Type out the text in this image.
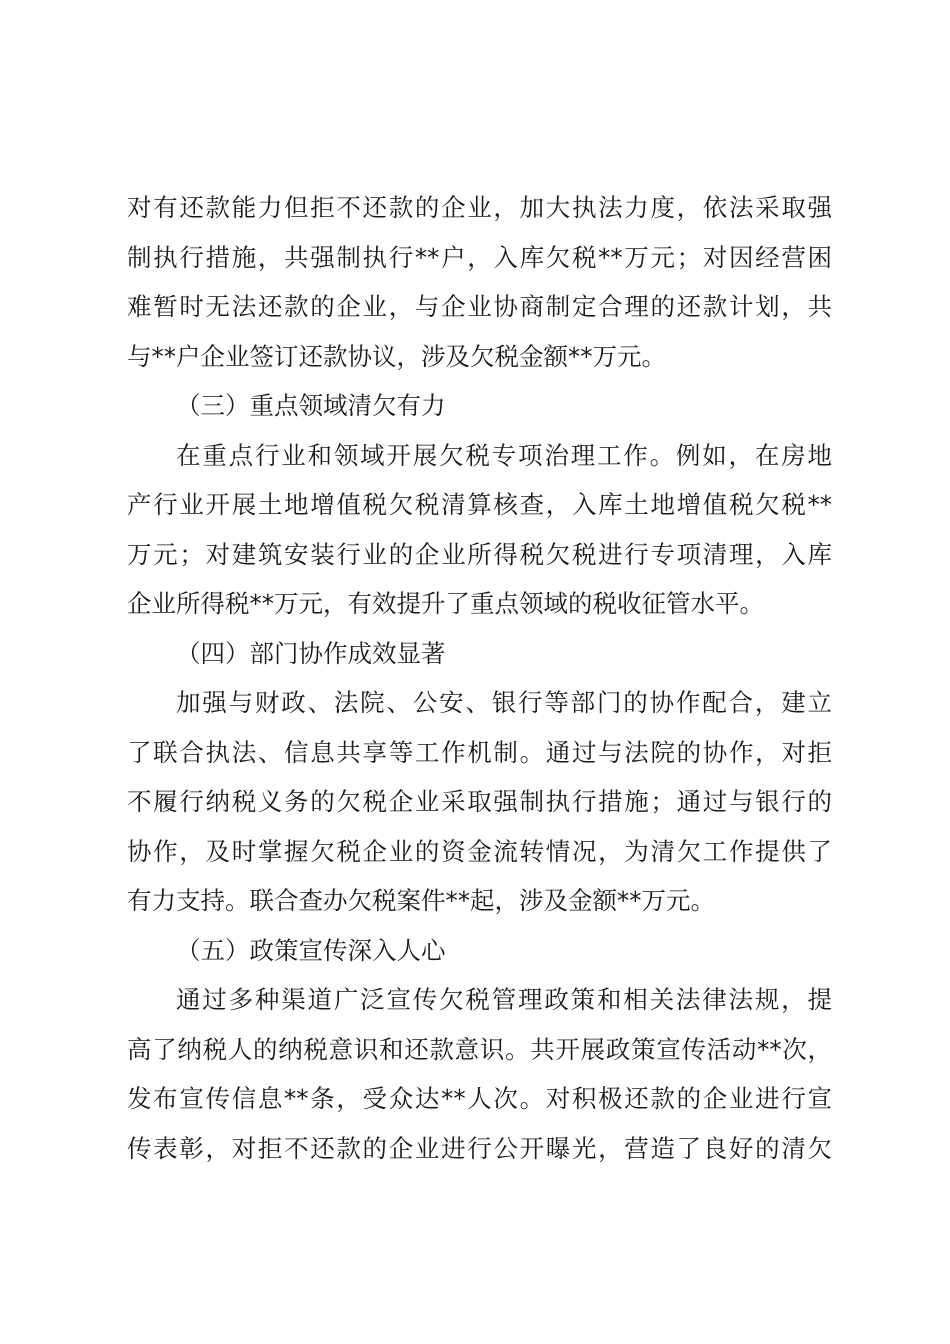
对有还款能力但拒不还款的企业，加大执法力度，依法采取强
制执行措施，共强制执行**户，入库欠税**万元；对因经营困
难暂时无法还款的企业，与企业协商制定合理的还款计划，共
与**户企业签订还款协议，涉及欠税金额**万元。
（三）重点领域清欠有力
在重点行业和领域开展欠税专项治理工作。例如，在房地
产行业开展土地增值税欠税清算核查，入库土地增值税欠税**
万元；对建筑安装行业的企业所得税欠税进行专项清理，入库
企业所得税**万元，有效提升了重点领域的税收征管水平。
（四）部门协作成效显著
加强与财政、法院、公安、银行等部门的协作配合，建立
了联合执法、信息共享等工作机制。通过与法院的协作，对拒
不履行纳税义务的欠税企业采取强制执行措施；通过与银行的
协作，及时掌握欠税企业的资金流转情况，为清欠工作提供了
有力支持。联合查办欠税案件**起，涉及金额**万元。
（五）政策宣传深入人心
通过多种渠道广泛宣传欠税管理政策和相关法律法规，提
高了纳税人的纳税意识和还款意识。共开展政策宣传活动**次，
发布宣传信息**条，受众达**人次。对积极还款的企业进行宣
传表彰，对拒不还款的企业进行公开曝光，营造了良好的清欠
